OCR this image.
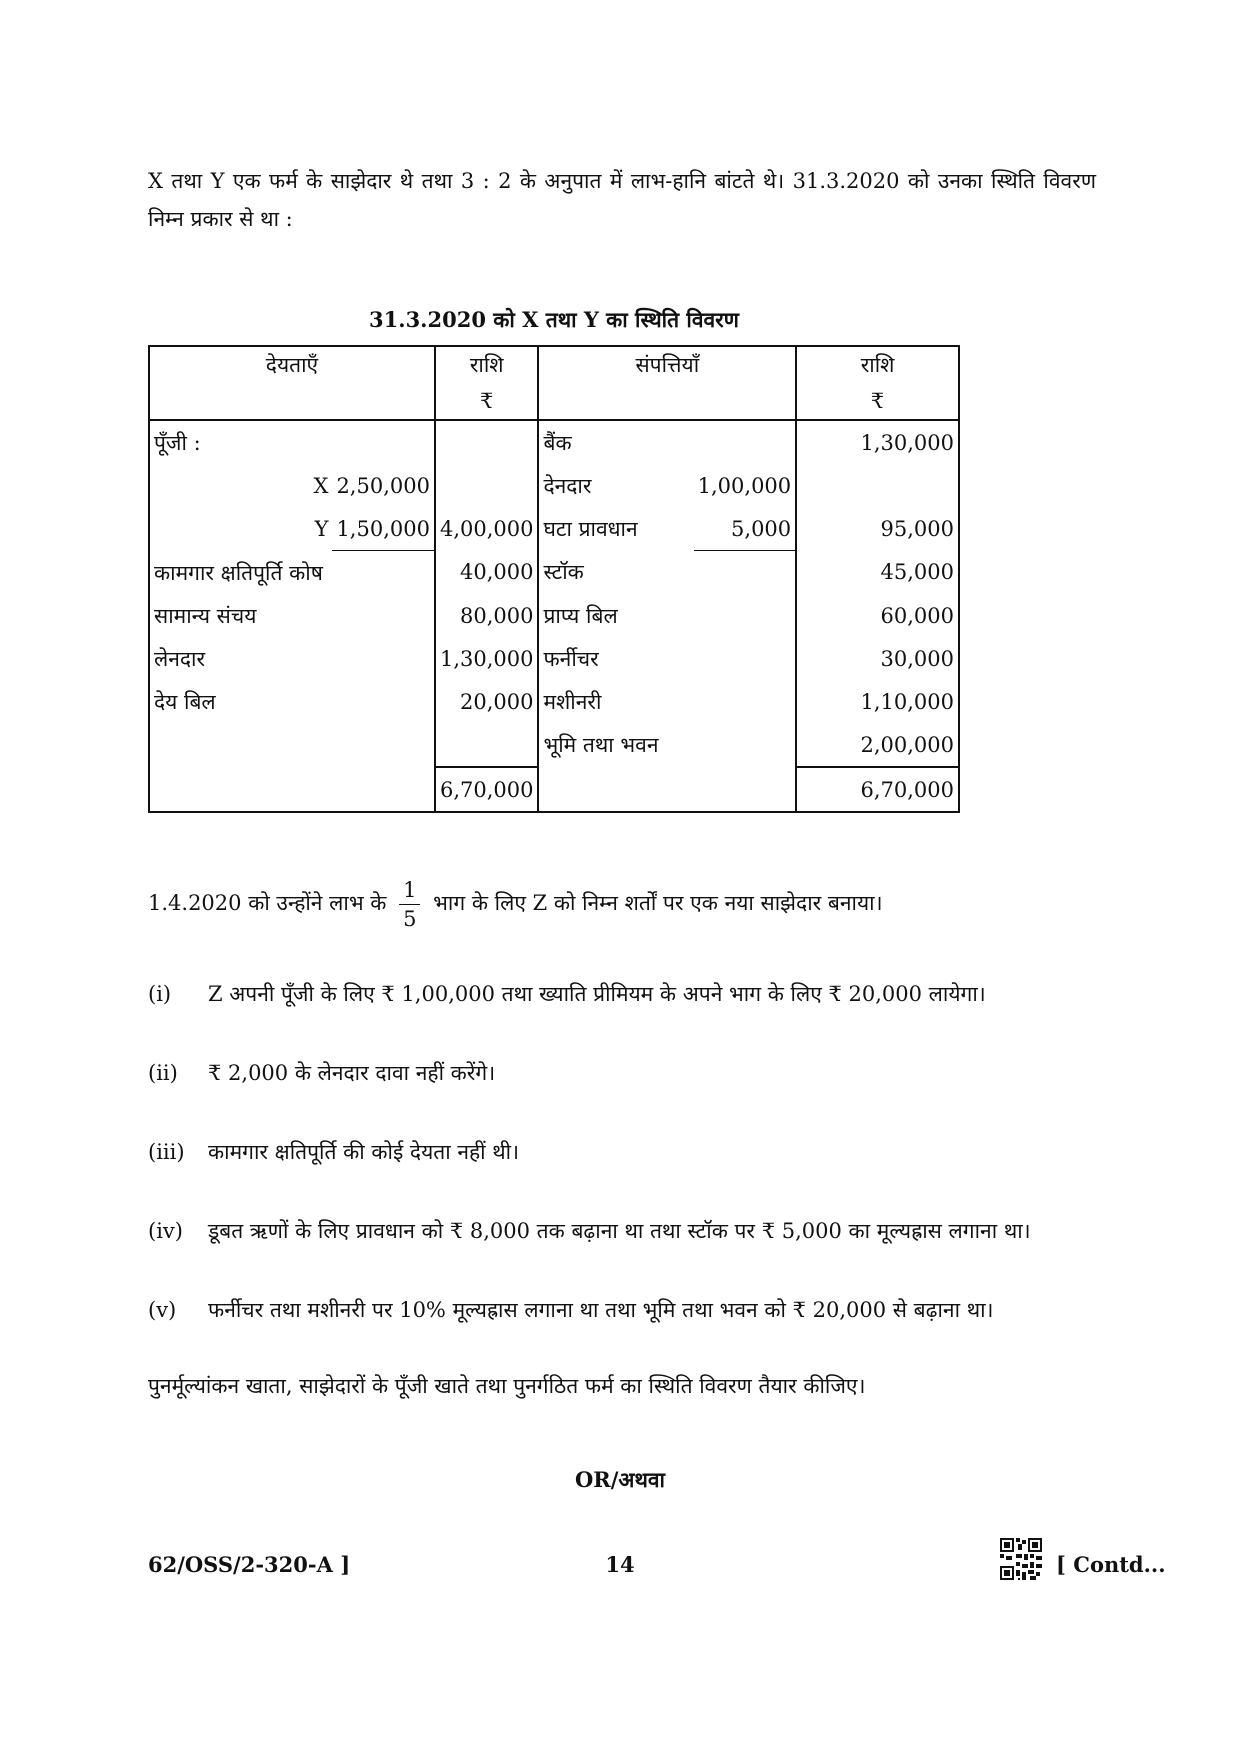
X तथा Y एक फर्म के साझेदार थे तथा 3 : 2 के अनुपात में लाभ-हानि बांटते थे। 31.3.2020 को उनका स्थिति विवरण निम्न प्रकार से था :
31.3.2020 को X तथा Y का स्थिति विवरण
देयताएँ		राशि	संपत्तियाँ		राशि
		₹			₹
पूँजी :			बैंक		1,30,000
X	2,50,000		देनदार	1,00,000	
Y	1,50,000	4,00,000	घटा प्रावधान	5,000	95,000
कामगार क्षतिपूर्ति कोष		40,000	स्टॉक		45,000
सामान्य संचय		80,000	प्राप्य बिल		60,000
लेनदार		1,30,000	फर्नीचर		30,000
देय बिल		20,000	मशीनरी		1,10,000
			भूमि तथा भवन		2,00,000
		6,70,000			6,70,000
1.4.2020 को उन्होंने लाभ के $\frac{1}{5}$ भाग के लिए Z को निम्न शर्तों पर एक नया साझेदार बनाया।
(i) Z अपनी पूँजी के लिए ₹ 1,00,000 तथा ख्याति प्रीमियम के अपने भाग के लिए ₹ 20,000 लायेगा।
(ii) ₹ 2,000 के लेनदार दावा नहीं करेंगे।
(iii) कामगार क्षतिपूर्ति की कोई देयता नहीं थी।
(iv) डूबत ऋणों के लिए प्रावधान को ₹ 8,000 तक बढ़ाना था तथा स्टॉक पर ₹ 5,000 का मूल्यह्रास लगाना था।
(v) फर्नीचर तथा मशीनरी पर 10% मूल्यह्रास लगाना था तथा भूमि तथा भवन को ₹ 20,000 से बढ़ाना था।
पुनर्मूल्यांकन खाता, साझेदारों के पूँजी खाते तथा पुनर्गठित फर्म का स्थिति विवरण तैयार कीजिए।
OR/अथवा
62/OSS/2-320-A ]	14	[ Contd...
